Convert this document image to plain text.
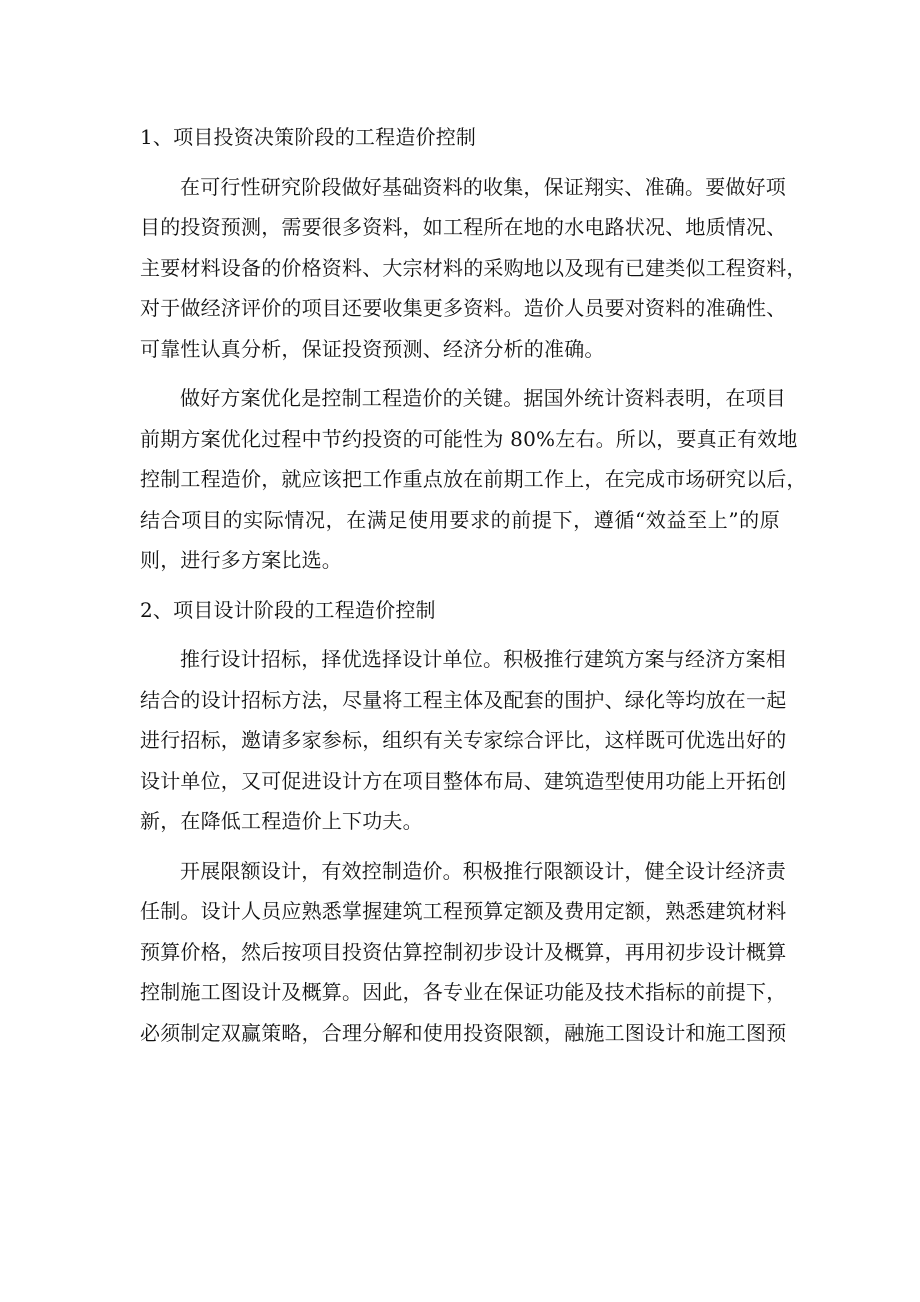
1、项目投资决策阶段的工程造价控制

在可行性研究阶段做好基础资料的收集，保证翔实、准确。要做好项
目的投资预测，需要很多资料，如工程所在地的水电路状况、地质情况、
主要材料设备的价格资料、大宗材料的采购地以及现有已建类似工程资料，
对于做经济评价的项目还要收集更多资料。造价人员要对资料的准确性、
可靠性认真分析，保证投资预测、经济分析的准确。

做好方案优化是控制工程造价的关键。据国外统计资料表明，在项目
前期方案优化过程中节约投资的可能性为 80%左右。所以，要真正有效地
控制工程造价，就应该把工作重点放在前期工作上，在完成市场研究以后，
结合项目的实际情况，在满足使用要求的前提下，遵循“效益至上”的原
则，进行多方案比选。

2、项目设计阶段的工程造价控制

推行设计招标，择优选择设计单位。积极推行建筑方案与经济方案相
结合的设计招标方法，尽量将工程主体及配套的围护、绿化等均放在一起
进行招标，邀请多家参标，组织有关专家综合评比，这样既可优选出好的
设计单位，又可促进设计方在项目整体布局、建筑造型使用功能上开拓创
新，在降低工程造价上下功夫。

开展限额设计，有效控制造价。积极推行限额设计，健全设计经济责
任制。设计人员应熟悉掌握建筑工程预算定额及费用定额，熟悉建筑材料
预算价格，然后按项目投资估算控制初步设计及概算，再用初步设计概算
控制施工图设计及概算。因此，各专业在保证功能及技术指标的前提下，
必须制定双赢策略，合理分解和使用投资限额，融施工图设计和施工图预
